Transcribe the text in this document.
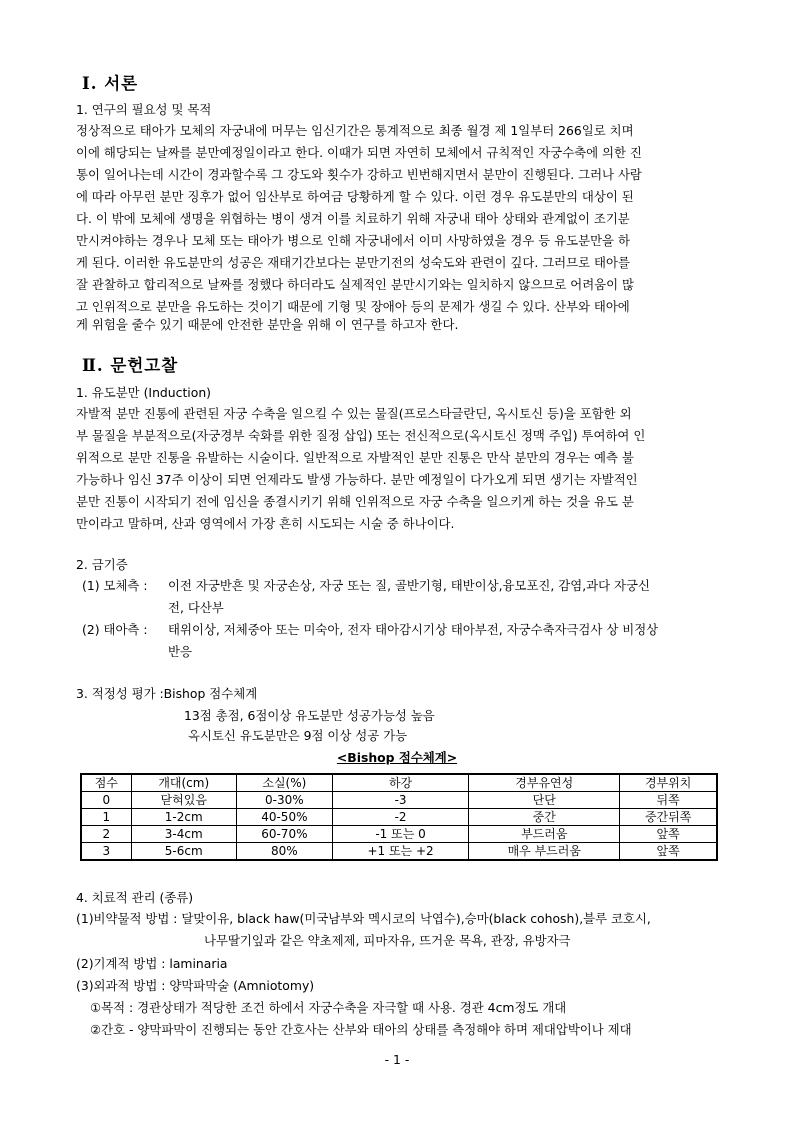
Ⅰ. 서론
1. 연구의 필요성 및 목적
정상적으로 태아가 모체의 자궁내에 머무는 임신기간은 통계적으로 최종 월경 제 1일부터 266일로 치며
이에 해당되는 날짜를 분만예정일이라고 한다. 이때가 되면 자연히 모체에서 규칙적인 자궁수축에 의한 진
통이 일어나는데 시간이 경과할수록 그 강도와 횟수가 강하고 빈번해지면서 분만이 진행된다. 그러나 사람
에 따라 아무런 분만 징후가 없어 임산부로 하여금 당황하게 할 수 있다. 이런 경우 유도분만의 대상이 된
다. 이 밖에 모체에 생명을 위협하는 병이 생겨 이를 치료하기 위해 자궁내 태아 상태와 관계없이 조기분
만시켜야하는 경우나 모체 또는 태아가 병으로 인해 자궁내에서 이미 사망하였을 경우 등 유도분만을 하
게 된다. 이러한 유도분만의 성공은 재태기간보다는 분만기전의 성숙도와 관련이 깊다. 그러므로 태아를
잘 관찰하고 합리적으로 날짜를 정했다 하더라도 실제적인 분만시기와는 일치하지 않으므로 어려움이 많
고 인위적으로 분만을 유도하는 것이기 때문에 기형 및 장애아 등의 문제가 생길 수 있다. 산부와 태아에
게 위험을 줄수 있기 때문에 안전한 분만을 위해 이 연구를 하고자 한다.
Ⅱ. 문헌고찰
1. 유도분만 (Induction)
자발적 분만 진통에 관련된 자궁 수축을 일으킬 수 있는 물질(프로스타글란딘, 옥시토신 등)을 포함한 외
부 물질을 부분적으로(자궁경부 숙화를 위한 질정 삽입) 또는 전신적으로(옥시토신 정맥 주입) 투여하여 인
위적으로 분만 진통을 유발하는 시술이다. 일반적으로 자발적인 분만 진통은 만삭 분만의 경우는 예측 불
가능하나 임신 37주 이상이 되면 언제라도 발생 가능하다. 분만 예정일이 다가오게 되면 생기는 자발적인
분만 진통이 시작되기 전에 임신을 종결시키기 위해 인위적으로 자궁 수축을 일으키게 하는 것을 유도 분
만이라고 말하며, 산과 영역에서 가장 흔히 시도되는 시술 중 하나이다.
2. 금기증
(1) 모체측 : 이전 자궁반흔 및 자궁손상, 자궁 또는 질, 골반기형, 태반이상,융모포진, 감염,과다 자궁신
전, 다산부
(2) 태아측 : 태위이상, 저체중아 또는 미숙아, 전자 태아감시기상 태아부전, 자궁수축자극검사 상 비정상
반응
3. 적정성 평가 :Bishop 점수체계
13점 총점, 6점이상 유도분만 성공가능성 높음
옥시토신 유도분만은 9점 이상 성공 가능
<Bishop 점수체계>
점수	개대(cm)	소실(%)	하강	경부유연성	경부위치
0	닫혀있음	0-30%	-3	단단	뒤쪽
1	1-2cm	40-50%	-2	중간	중간뒤쪽
2	3-4cm	60-70%	-1 또는 0	부드러움	앞쪽
3	5-6cm	80%	+1 또는 +2	매우 부드러움	앞쪽
4. 치료적 관리 (종류)
(1)비약물적 방법 : 달맞이유, black haw(미국남부와 멕시코의 낙엽수),승마(black cohosh),블루 코호시,
나무딸기잎과 같은 약초제제, 피마자유, 뜨거운 목욕, 관장, 유방자극
(2)기계적 방법 : laminaria
(3)외과적 방법 : 양막파막술 (Amniotomy)
①목적 : 경관상태가 적당한 조건 하에서 자궁수축을 자극할 때 사용. 경관 4cm정도 개대
②간호 - 양막파막이 진행되는 동안 간호사는 산부와 태아의 상태를 측정해야 하며 제대압박이나 제대
- 1 -
